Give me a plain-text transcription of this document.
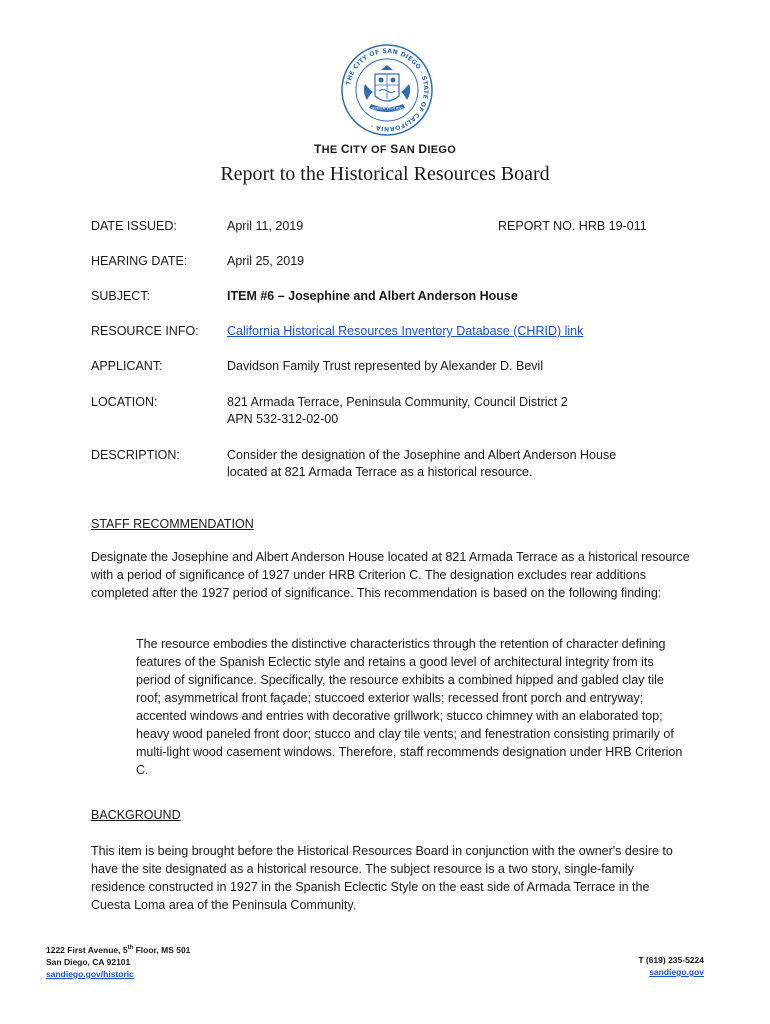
THE CITY OF SAN DIEGO · STATE OF CALIFORNIA ·
SEMPER VIGILANS
THE CITY OF SAN DIEGO
Report to the Historical Resources Board
DATE ISSUED:	April 11, 2019	REPORT NO. HRB 19-011
HEARING DATE:	April 25, 2019
SUBJECT:	ITEM #6 – Josephine and Albert Anderson House
RESOURCE INFO: California Historical Resources Inventory Database (CHRID) link
APPLICANT:	Davidson Family Trust represented by Alexander D. Bevil
LOCATION:	821 Armada Terrace, Peninsula Community, Council District 2
APN 532-312-02-00
DESCRIPTION:	Consider the designation of the Josephine and Albert Anderson House located at 821 Armada Terrace as a historical resource.
STAFF RECOMMENDATION

Designate the Josephine and Albert Anderson House located at 821 Armada Terrace as a historical resource with a period of significance of 1927 under HRB Criterion C. The designation excludes rear additions completed after the 1927 period of significance. This recommendation is based on the following finding:

The resource embodies the distinctive characteristics through the retention of character defining features of the Spanish Eclectic style and retains a good level of architectural integrity from its period of significance. Specifically, the resource exhibits a combined hipped and gabled clay tile roof; asymmetrical front façade; stuccoed exterior walls; recessed front porch and entryway; accented windows and entries with decorative grillwork; stucco chimney with an elaborated top; heavy wood paneled front door; stucco and clay tile vents; and fenestration consisting primarily of multi-light wood casement windows. Therefore, staff recommends designation under HRB Criterion C.

BACKGROUND

This item is being brought before the Historical Resources Board in conjunction with the owner's desire to have the site designated as a historical resource. The subject resource is a two story, single-family residence constructed in 1927 in the Spanish Eclectic Style on the east side of Armada Terrace in the Cuesta Loma area of the Peninsula Community.

1222 First Avenue, 5th Floor, MS 501
San Diego, CA 92101
sandiego.gov/historic
T (619) 235-5224
sandiego.gov
